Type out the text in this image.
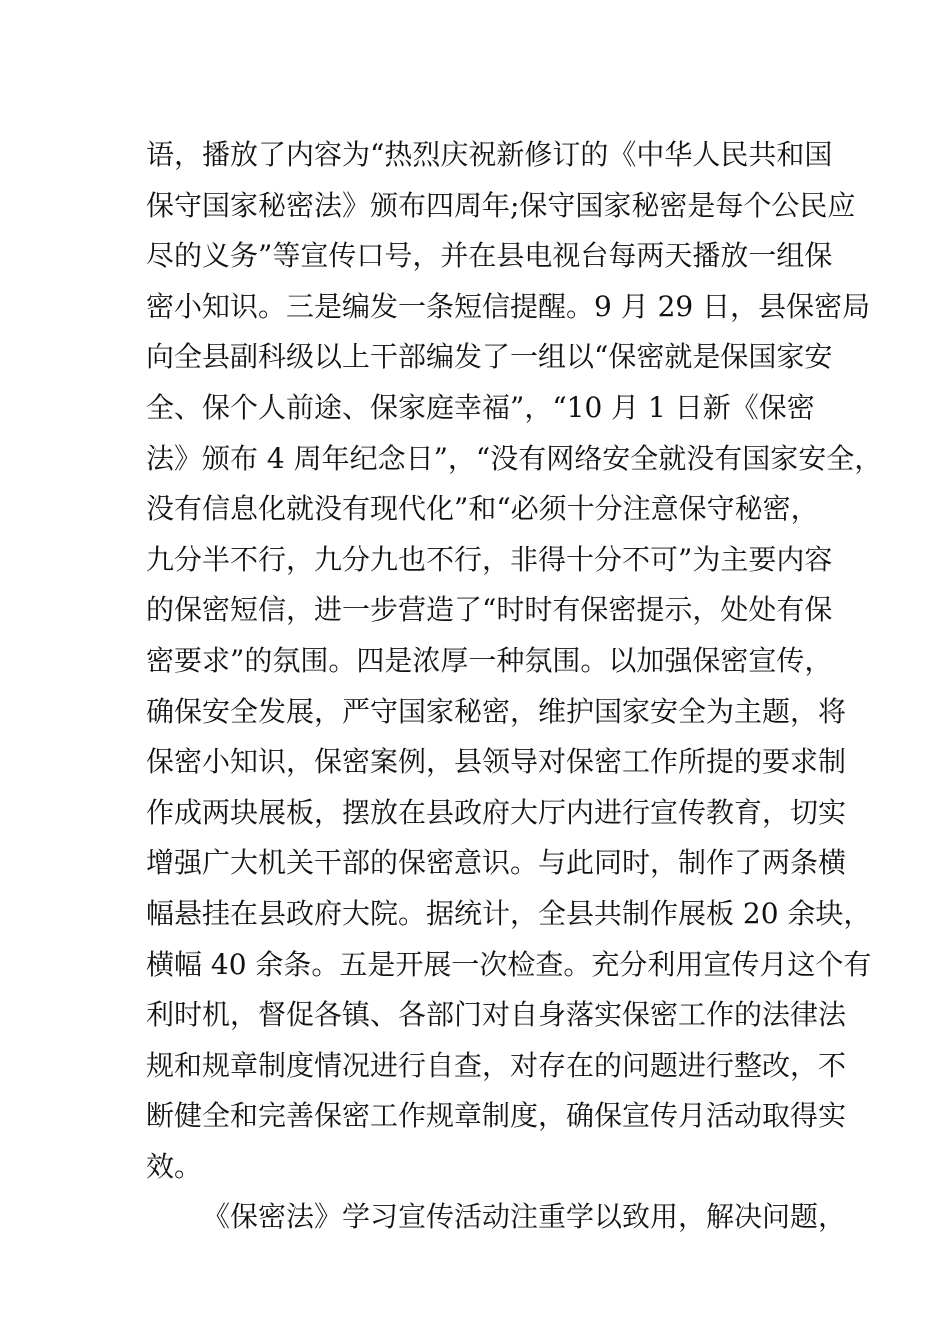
语，播放了内容为“热烈庆祝新修订的《中华人民共和国
保守国家秘密法》颁布四周年;保守国家秘密是每个公民应
尽的义务”等宣传口号，并在县电视台每两天播放一组保
密小知识。三是编发一条短信提醒。9 月 29 日，县保密局
向全县副科级以上干部编发了一组以“保密就是保国家安
全、保个人前途、保家庭幸福”，“10 月 1 日新《保密
法》颁布 4 周年纪念日”，“没有网络安全就没有国家安全，
没有信息化就没有现代化”和“必须十分注意保守秘密，
九分半不行，九分九也不行，非得十分不可”为主要内容
的保密短信，进一步营造了“时时有保密提示，处处有保
密要求”的氛围。四是浓厚一种氛围。以加强保密宣传，
确保安全发展，严守国家秘密，维护国家安全为主题，将
保密小知识，保密案例，县领导对保密工作所提的要求制
作成两块展板，摆放在县政府大厅内进行宣传教育，切实
增强广大机关干部的保密意识。与此同时，制作了两条横
幅悬挂在县政府大院。据统计，全县共制作展板 20 余块，
横幅 40 余条。五是开展一次检查。充分利用宣传月这个有
利时机，督促各镇、各部门对自身落实保密工作的法律法
规和规章制度情况进行自查，对存在的问题进行整改，不
断健全和完善保密工作规章制度，确保宣传月活动取得实
效。
《保密法》学习宣传活动注重学以致用，解决问题，
